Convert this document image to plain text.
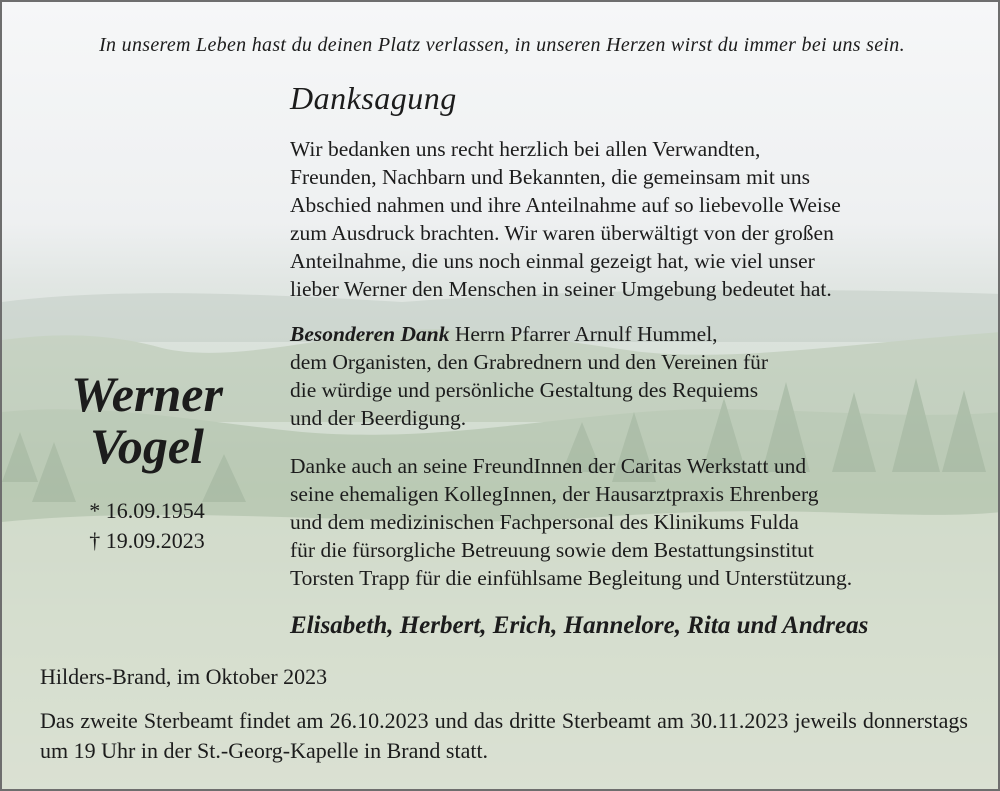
In unserem Leben hast du deinen Platz verlassen, in unseren Herzen wirst du immer bei uns sein.
Danksagung
Wir bedanken uns recht herzlich bei allen Verwandten,
Freunden, Nachbarn und Bekannten, die gemeinsam mit uns
Abschied nahmen und ihre Anteilnahme auf so liebevolle Weise
zum Ausdruck brachten. Wir waren überwältigt von der großen
Anteilnahme, die uns noch einmal gezeigt hat, wie viel unser
lieber Werner den Menschen in seiner Umgebung bedeutet hat.
Besonderen Dank Herrn Pfarrer Arnulf Hummel,
dem Organisten, den Grabrednern und den Vereinen für
die würdige und persönliche Gestaltung des Requiems
und der Beerdigung.
Danke auch an seine FreundInnen der Caritas Werkstatt und
seine ehemaligen KollegInnen, der Hausarztpraxis Ehrenberg
und dem medizinischen Fachpersonal des Klinikums Fulda
für die fürsorgliche Betreuung sowie dem Bestattungsinstitut
Torsten Trapp für die einfühlsame Begleitung und Unterstützung.
Werner
Vogel
* 16.09.1954
† 19.09.2023
Elisabeth, Herbert, Erich, Hannelore, Rita und Andreas
Hilders-Brand, im Oktober 2023
Das zweite Sterbeamt findet am 26.10.2023 und das dritte Sterbeamt am 30.11.2023 jeweils donnerstags um 19 Uhr in der St.-Georg-Kapelle in Brand statt.
